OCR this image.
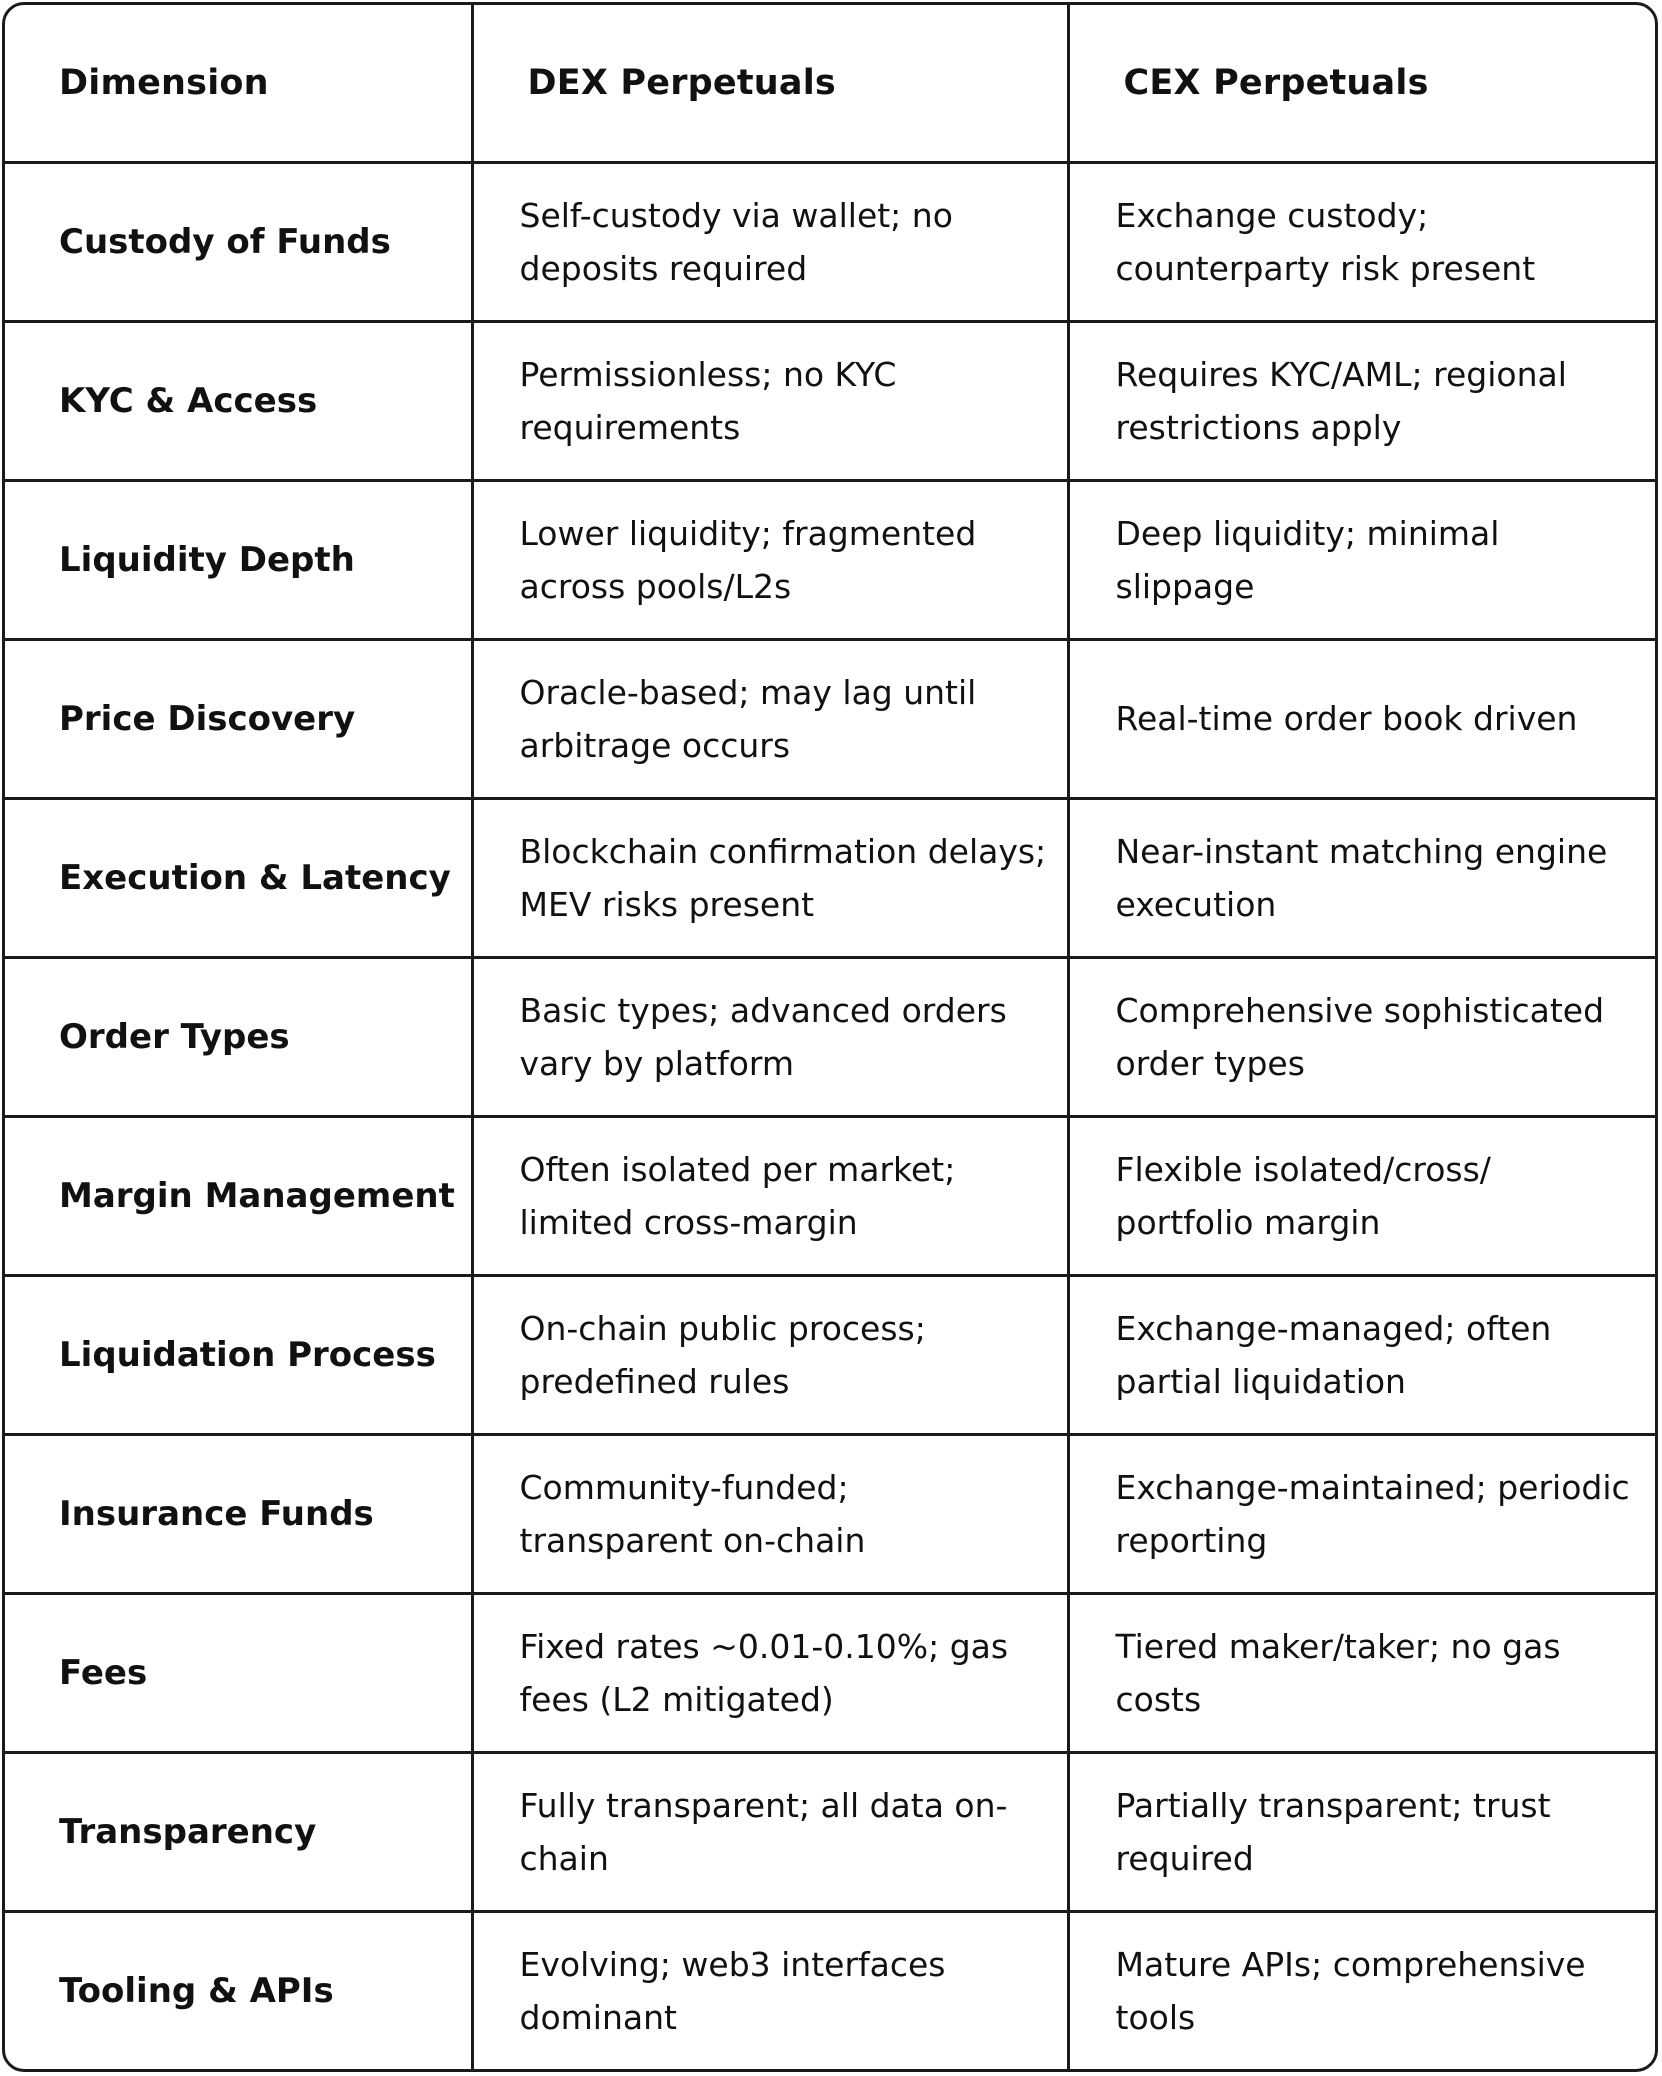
Dimension	DEX Perpetuals	CEX Perpetuals
Custody of Funds	Self-custody via wallet; no deposits required	Exchange custody; counterparty risk present
KYC & Access	Permissionless; no KYC requirements	Requires KYC/AML; regional restrictions apply
Liquidity Depth	Lower liquidity; fragmented across pools/L2s	Deep liquidity; minimal slippage
Price Discovery	Oracle-based; may lag until arbitrage occurs	Real-time order book driven
Execution & Latency	Blockchain confirmation delays; MEV risks present	Near-instant matching engine execution
Order Types	Basic types; advanced orders vary by platform	Comprehensive sophisticated order types
Margin Management	Often isolated per market; limited cross-margin	Flexible isolated/cross/ portfolio margin
Liquidation Process	On-chain public process; predefined rules	Exchange-managed; often partial liquidation
Insurance Funds	Community-funded; transparent on-chain	Exchange-maintained; periodic reporting
Fees	Fixed rates ~0.01-0.10%; gas fees (L2 mitigated)	Tiered maker/taker; no gas costs
Transparency	Fully transparent; all data on-chain	Partially transparent; trust required
Tooling & APIs	Evolving; web3 interfaces dominant	Mature APIs; comprehensive tools
